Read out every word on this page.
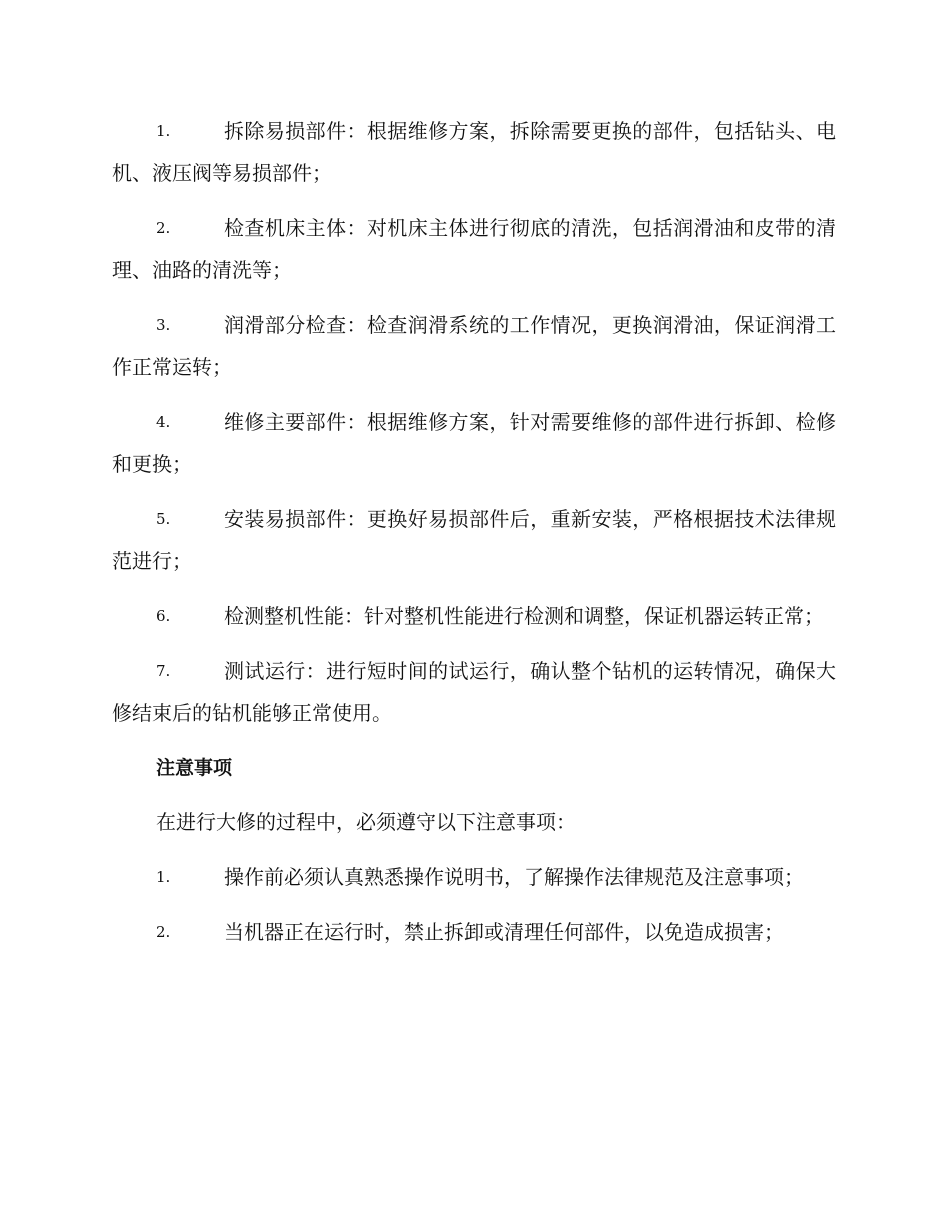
1.	拆除易损部件：根据维修方案，拆除需要更换的部件，包括钻头、电机、液压阀等易损部件；
2.	检查机床主体：对机床主体进行彻底的清洗，包括润滑油和皮带的清理、油路的清洗等；
3.	润滑部分检查：检查润滑系统的工作情况，更换润滑油，保证润滑工作正常运转；
4.	维修主要部件：根据维修方案，针对需要维修的部件进行拆卸、检修和更换；
5.	安装易损部件：更换好易损部件后，重新安装，严格根据技术法律规范进行；
6.	检测整机性能：针对整机性能进行检测和调整，保证机器运转正常；
7.	测试运行：进行短时间的试运行，确认整个钻机的运转情况，确保大修结束后的钻机能够正常使用。
注意事项
在进行大修的过程中，必须遵守以下注意事项：
1.	操作前必须认真熟悉操作说明书，了解操作法律规范及注意事项；
2.	当机器正在运行时，禁止拆卸或清理任何部件，以免造成损害；
